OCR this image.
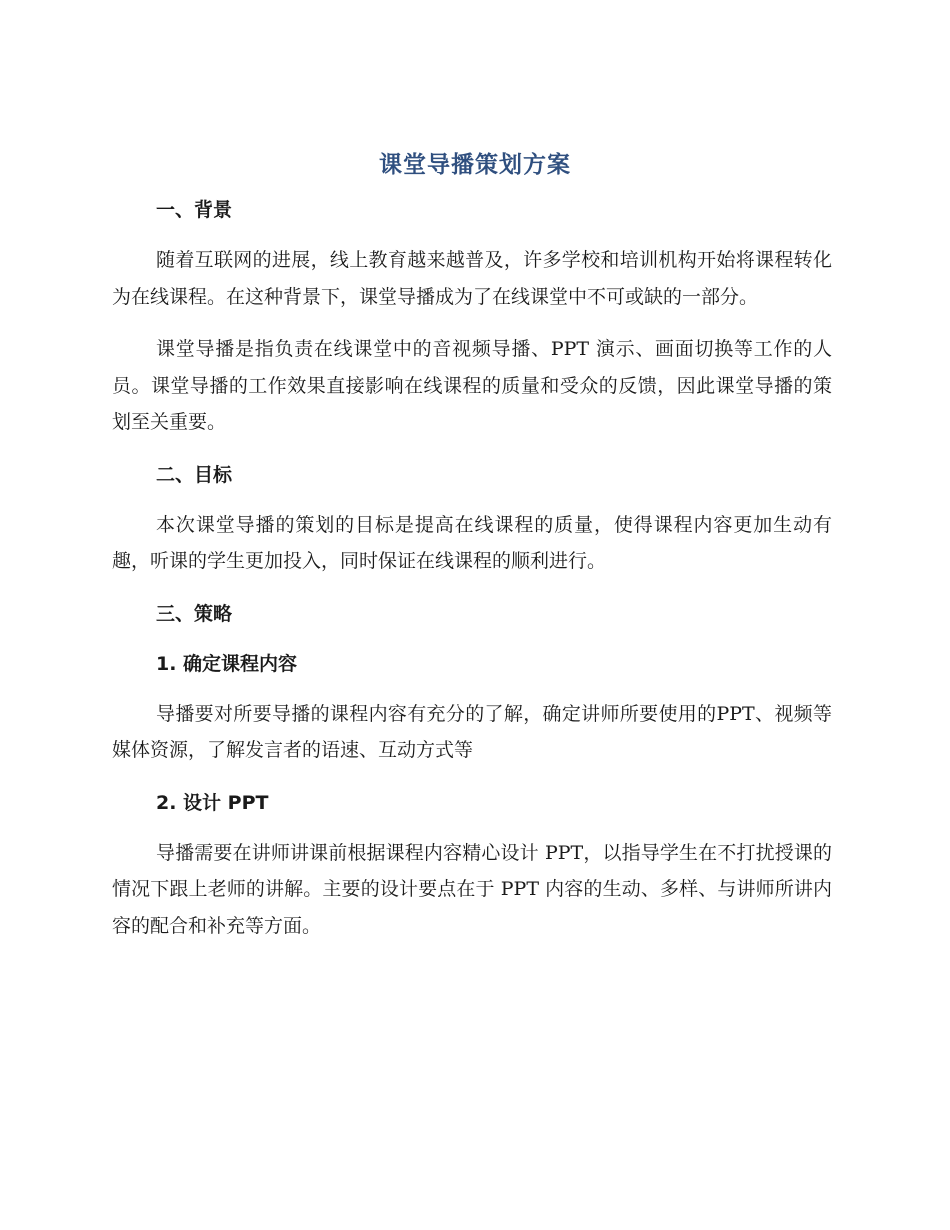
课堂导播策划方案
一、背景

随着互联网的进展，线上教育越来越普及，许多学校和培训机构开始将课程转化为在线课程。在这种背景下，课堂导播成为了在线课堂中不可或缺的一部分。

课堂导播是指负责在线课堂中的音视频导播、PPT 演示、画面切换等工作的人员。课堂导播的工作效果直接影响在线课程的质量和受众的反馈，因此课堂导播的策划至关重要。

二、目标

本次课堂导播的策划的目标是提高在线课程的质量，使得课程内容更加生动有趣，听课的学生更加投入，同时保证在线课程的顺利进行。

三、策略
1. 确定课程内容

导播要对所要导播的课程内容有充分的了解，确定讲师所要使用的PPT、视频等媒体资源，了解发言者的语速、互动方式等

2. 设计 PPT

导播需要在讲师讲课前根据课程内容精心设计 PPT，以指导学生在不打扰授课的情况下跟上老师的讲解。主要的设计要点在于 PPT 内容的生动、多样、与讲师所讲内容的配合和补充等方面。
